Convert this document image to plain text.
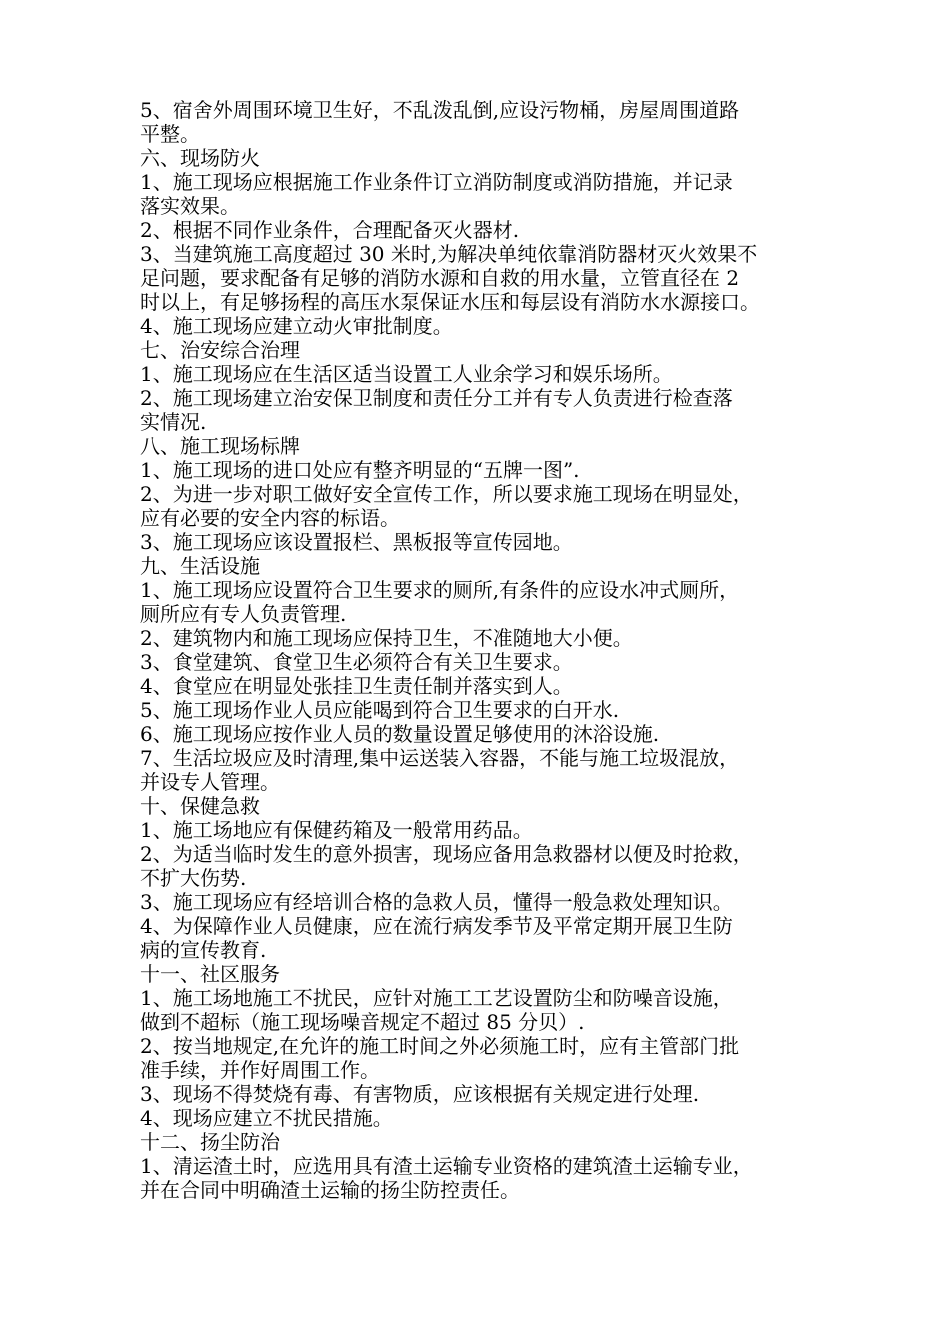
5、宿舍外周围环境卫生好，不乱泼乱倒,应设污物桶，房屋周围道路
平整。
六、现场防火
1、施工现场应根据施工作业条件订立消防制度或消防措施，并记录
落实效果。
2、根据不同作业条件，合理配备灭火器材.
3、当建筑施工高度超过 30 米时,为解决单纯依靠消防器材灭火效果不
足问题，要求配备有足够的消防水源和自救的用水量，立管直径在 2
时以上，有足够扬程的高压水泵保证水压和每层设有消防水水源接口。
4、施工现场应建立动火审批制度。
七、治安综合治理
1、施工现场应在生活区适当设置工人业余学习和娱乐场所。
2、施工现场建立治安保卫制度和责任分工并有专人负责进行检查落
实情况.
八、施工现场标牌
1、施工现场的进口处应有整齐明显的“五牌一图”.
2、为进一步对职工做好安全宣传工作，所以要求施工现场在明显处，
应有必要的安全内容的标语。
3、施工现场应该设置报栏、黑板报等宣传园地。
九、生活设施
1、施工现场应设置符合卫生要求的厕所,有条件的应设水冲式厕所，
厕所应有专人负责管理.
2、建筑物内和施工现场应保持卫生，不准随地大小便。
3、食堂建筑、食堂卫生必须符合有关卫生要求。
4、食堂应在明显处张挂卫生责任制并落实到人。
5、施工现场作业人员应能喝到符合卫生要求的白开水.
6、施工现场应按作业人员的数量设置足够使用的沐浴设施.
7、生活垃圾应及时清理,集中运送装入容器，不能与施工垃圾混放，
并设专人管理。
十、保健急救
1、施工场地应有保健药箱及一般常用药品。
2、为适当临时发生的意外损害，现场应备用急救器材以便及时抢救，
不扩大伤势.
3、施工现场应有经培训合格的急救人员，懂得一般急救处理知识。
4、为保障作业人员健康，应在流行病发季节及平常定期开展卫生防
病的宣传教育.
十一、社区服务
1、施工场地施工不扰民，应针对施工工艺设置防尘和防噪音设施，
做到不超标（施工现场噪音规定不超过 85 分贝）.
2、按当地规定,在允许的施工时间之外必须施工时，应有主管部门批
准手续，并作好周围工作。
3、现场不得焚烧有毒、有害物质，应该根据有关规定进行处理.
4、现场应建立不扰民措施。
十二、扬尘防治
1、清运渣土时，应选用具有渣土运输专业资格的建筑渣土运输专业，
并在合同中明确渣土运输的扬尘防控责任。
